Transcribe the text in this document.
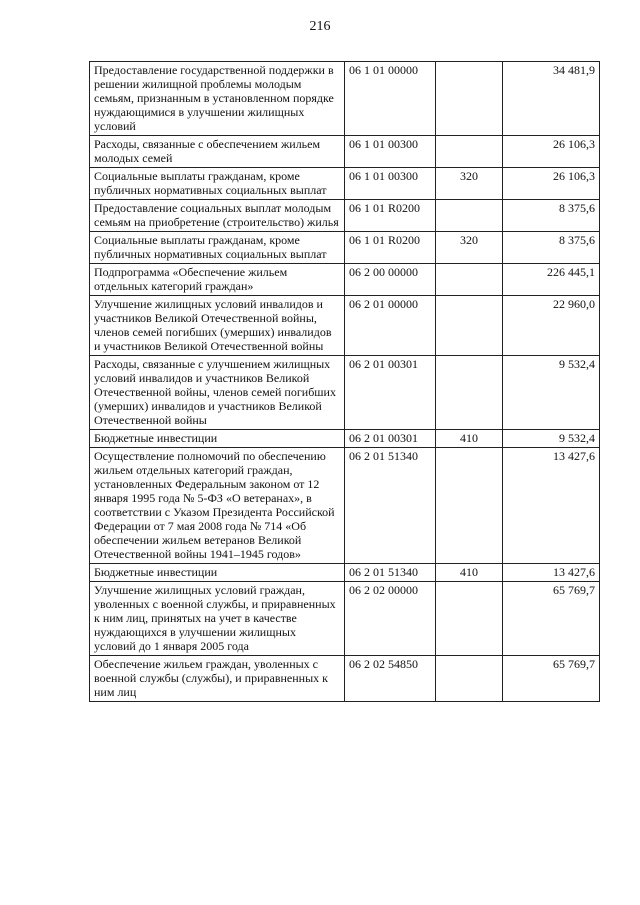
216
Предоставление государственной поддержки в решении жилищной проблемы молодым семьям, признанным в установленном порядке нуждающимися в улучшении жилищных условий	06 1 01 00000		34 481,9
Расходы, связанные с обеспечением жильем молодых семей	06 1 01 00300		26 106,3
Социальные выплаты гражданам, кроме публичных нормативных социальных выплат	06 1 01 00300	320	26 106,3
Предоставление социальных выплат молодым семьям на приобретение (строительство) жилья	06 1 01 R0200		8 375,6
Социальные выплаты гражданам, кроме публичных нормативных социальных выплат	06 1 01 R0200	320	8 375,6
Подпрограмма «Обеспечение жильем отдельных категорий граждан»	06 2 00 00000		226 445,1
Улучшение жилищных условий инвалидов и участников Великой Отечественной войны, членов семей погибших (умерших) инвалидов и участников Великой Отечественной войны	06 2 01 00000		22 960,0
Расходы, связанные с улучшением жилищных условий инвалидов и участников Великой Отечественной войны, членов семей погибших (умерших) инвалидов и участников Великой Отечественной войны	06 2 01 00301		9 532,4
Бюджетные инвестиции	06 2 01 00301	410	9 532,4
Осуществление полномочий по обеспечению жильем отдельных категорий граждан, установленных Федеральным законом от 12 января 1995 года № 5-ФЗ «О ветеранах», в соответствии с Указом Президента Российской Федерации от 7 мая 2008 года № 714 «Об обеспечении жильем ветеранов Великой Отечественной войны 1941–1945 годов»	06 2 01 51340		13 427,6
Бюджетные инвестиции	06 2 01 51340	410	13 427,6
Улучшение жилищных условий граждан, уволенных с военной службы, и приравненных к ним лиц, принятых на учет в качестве нуждающихся в улучшении жилищных условий до 1 января 2005 года	06 2 02 00000		65 769,7
Обеспечение жильем граждан, уволенных с военной службы (службы), и приравненных к ним лиц	06 2 02 54850		65 769,7
